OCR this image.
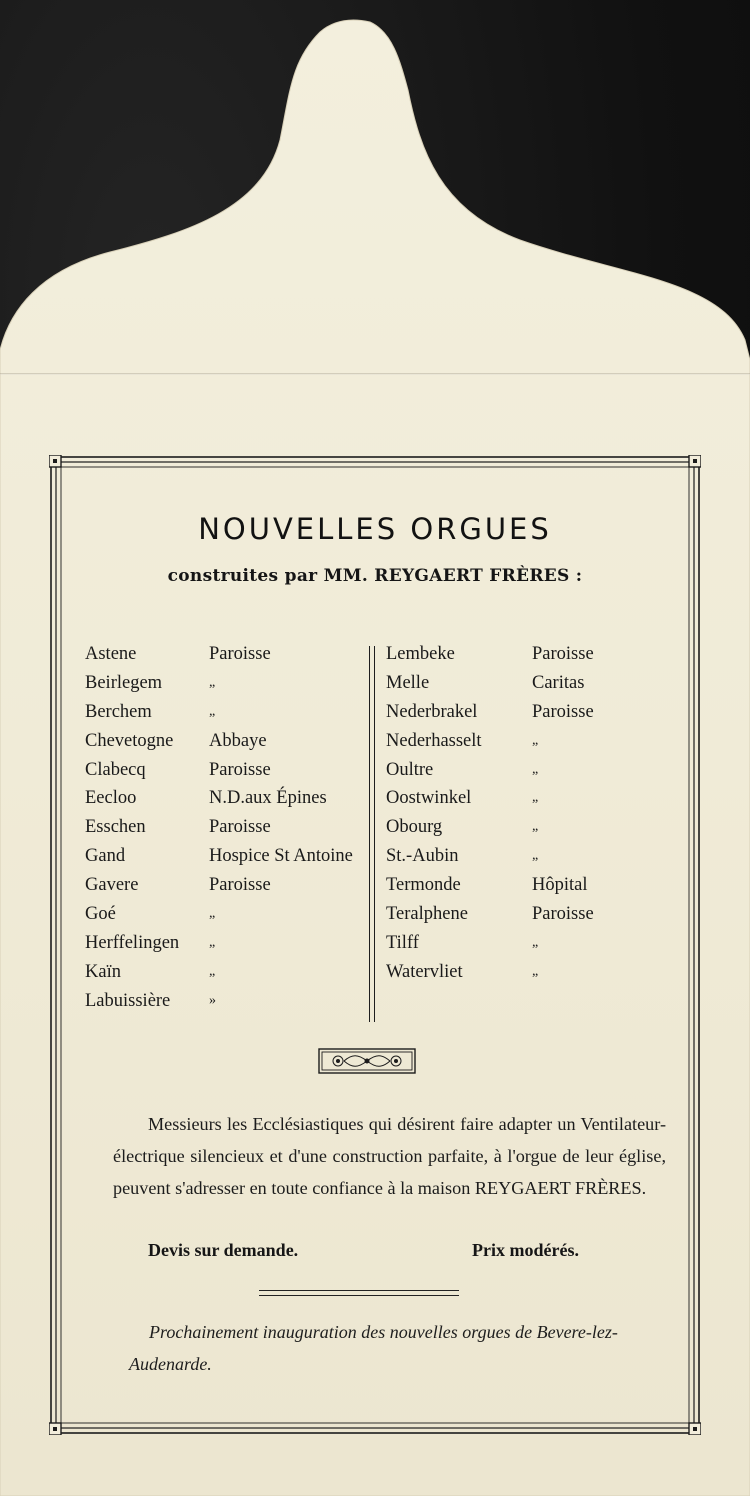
NOUVELLES ORGUES
construites par MM. REYGAERT FRÈRES :
Astene	Paroisse
Beirlegem	„
Berchem	„
Chevetogne Abbaye
Clabecq	Paroisse
Eecloo	N.D.aux Épines
Esschen	Paroisse
Gand	Hospice St Antoine
Gavere	Paroisse
Goé	„
Herffelingen „
Kaïn	„
Labuissière	»
Lembeke	Paroisse
Melle	Caritas
Nederbrakel	Paroisse
Nederhasselt	„
Oultre	„
Oostwinkel	„
Obourg	„
St.-Aubin	„
Termonde	Hôpital
Teralphene	Paroisse
Tilff	„
Watervliet	„

Messieurs les Ecclésiastiques qui désirent faire adapter un Ventilateur-électrique silencieux et d'une construction parfaite, à l'orgue de leur église, peuvent s'adresser en toute confiance à la maison REYGAERT FRÈRES.

Devis sur demande.	Prix modérés.

Prochainement inauguration des nouvelles orgues de Bevere-lez-Audenarde.
